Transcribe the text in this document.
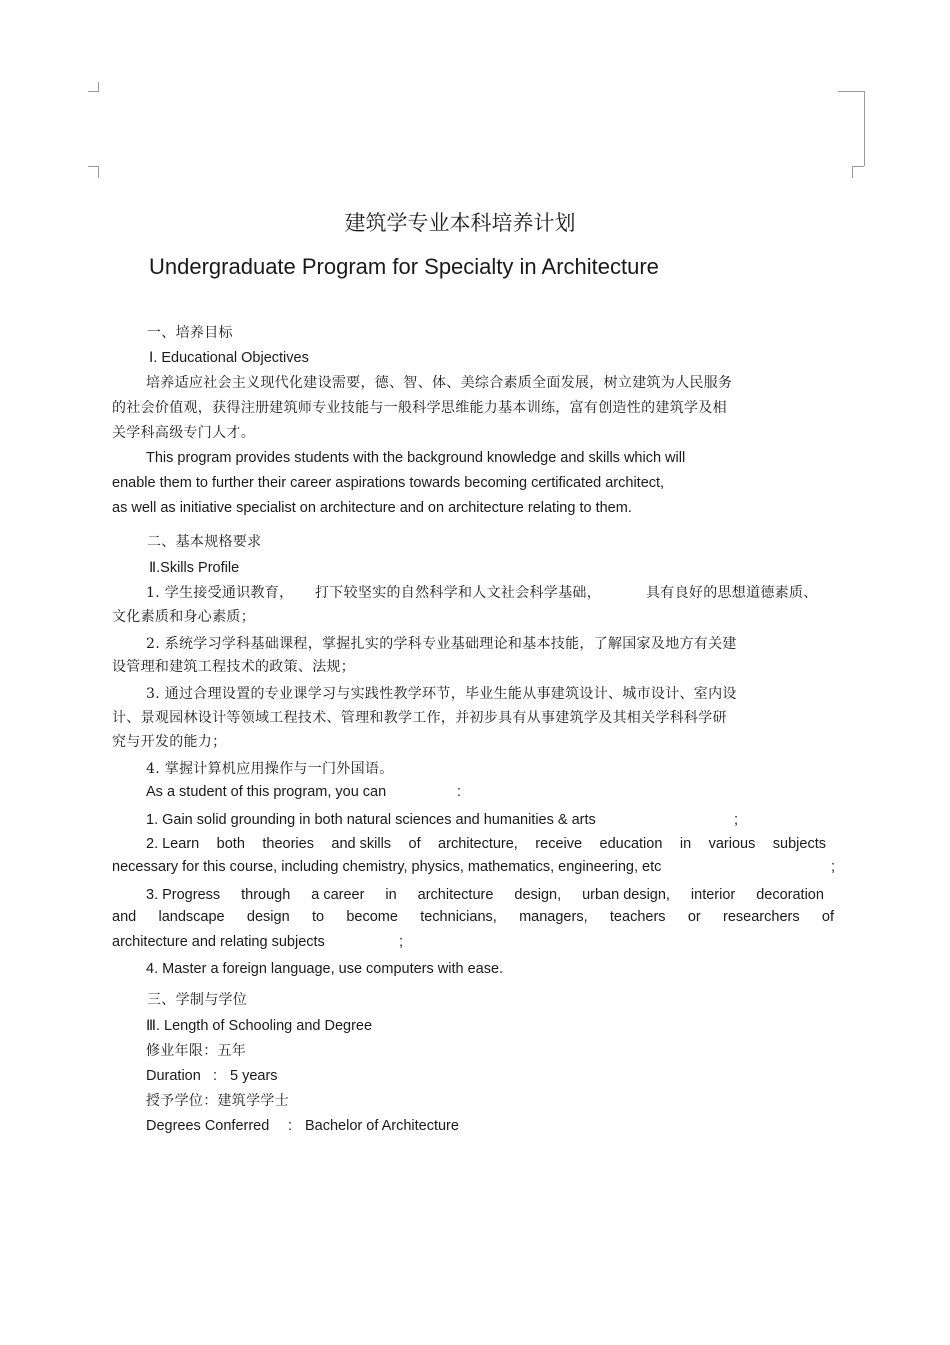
建筑学专业本科培养计划
Undergraduate Program for Specialty in Architecture
一、培养目标
Ⅰ. Educational Objectives
培养适应社会主义现代化建设需要，德、智、体、美综合素质全面发展，树立建筑为人民服务
的社会价值观，获得注册建筑师专业技能与一般科学思维能力基本训练，富有创造性的建筑学及相
关学科高级专门人才。
This program provides students with the background knowledge and skills which will
enable them to further their career aspirations towards becoming certificated architect,
as well as initiative specialist on architecture and on architecture relating to them.
二、基本规格要求
Ⅱ.Skills Profile
1. 学生接受通识教育， 打下较坚实的自然科学和人文社会科学基础，	具有良好的思想道德素质、
文化素质和身心素质；
2. 系统学习学科基础课程，掌握扎实的学科专业基础理论和基本技能，了解国家及地方有关建
设管理和建筑工程技术的政策、法规；
3. 通过合理设置的专业课学习与实践性教学环节，毕业生能从事建筑设计、城市设计、室内设
计、景观园林设计等领域工程技术、管理和教学工作，并初步具有从事建筑学及其相关学科科学研
究与开发的能力；
4. 掌握计算机应用操作与一门外国语。
As a student of this program, you can	:
1. Gain solid grounding in both natural sciences and humanities & arts	;
2. Learn both theories and skills of architecture, receive education in various subjects
necessary for this course, including chemistry, physics, mathematics, engineering, etc	;
3. Progress through a career in architecture design, urban design, interior decoration
and landscape design to become technicians, managers, teachers or researchers of
architecture and relating subjects	;
4. Master a foreign language, use computers with ease.
三、学制与学位
Ⅲ. Length of Schooling and Degree
修业年限：五年
Duration : 5 years
授予学位：建筑学学士
Degrees Conferred : Bachelor of Architecture
